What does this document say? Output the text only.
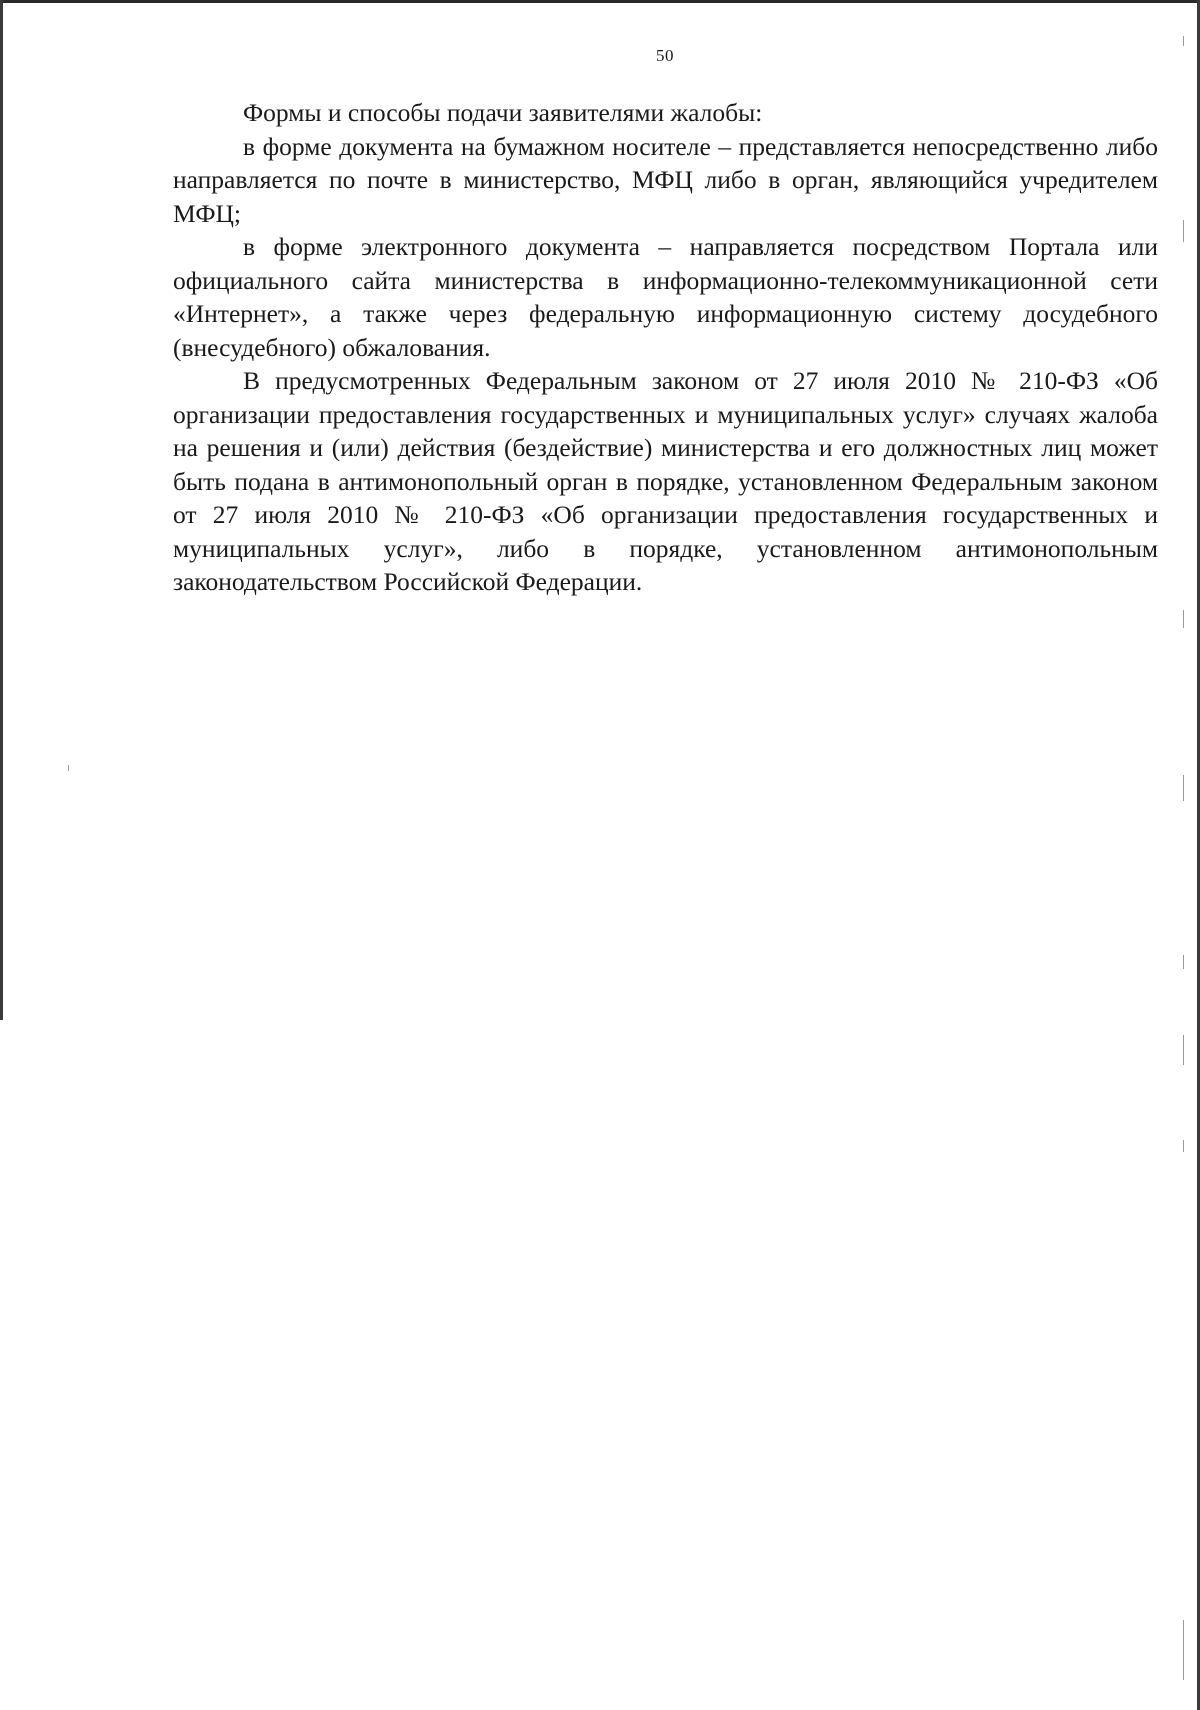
50

Формы и способы подачи заявителями жалобы:

в форме документа на бумажном носителе – представляется непосредственно либо направляется по почте в министерство, МФЦ либо в орган, являющийся учредителем МФЦ;

в форме электронного документа – направляется посредством Портала или официального сайта министерства в информационно-телекоммуникационной сети «Интернет», а также через федеральную информационную систему досудебного (внесудебного) обжалования.

В предусмотренных Федеральным законом от 27 июля 2010 № 210-ФЗ «Об организации предоставления государственных и муниципальных услуг» случаях жалоба на решения и (или) действия (бездействие) министерства и его должностных лиц может быть подана в антимонопольный орган в порядке, установленном Федеральным законом от 27 июля 2010 № 210-ФЗ «Об организации предоставления государственных и муниципальных услуг», либо в порядке, установленном антимонопольным законодательством Российской Федерации.
